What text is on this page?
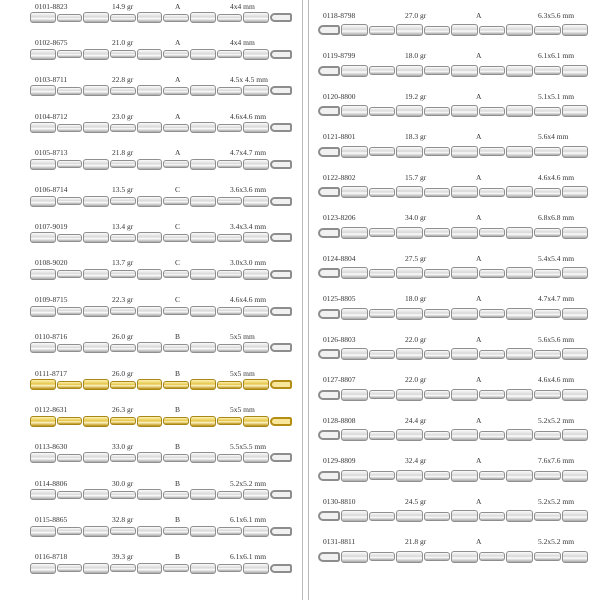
0101-8823	14.9 gr	A	4x4 mm
0102-8675	21.0 gr	A	4x4 mm
0103-8711	22.8 gr	A	4.5x 4.5 mm
0104-8712	23.0 gr	A	4.6x4.6 mm
0105-8713	21.8 gr	A	4.7x4.7 mm
0106-8714	13.5 gr	C	3.6x3.6 mm
0107-9019	13.4 gr	C	3.4x3.4 mm
0108-9020	13.7 gr	C	3.0x3.0 mm
0109-8715	22.3 gr	C	4.6x4.6 mm
0110-8716	26.0 gr	B	5x5 mm
0111-8717	26.0 gr	B	5x5 mm
0112-8631	26.3 gr	B	5x5 mm
0113-8630	33.0 gr	B	5.5x5.5 mm
0114-8806	30.0 gr	B	5.2x5.2 mm
0115-8865	32.8 gr	B	6.1x6.1 mm
0116-8718	39.3 gr	B	6.1x6.1 mm
0118-8798	27.0 gr	A	6.3x5.6 mm
0119-8799	18.0 gr	A	6.1x6.1 mm
0120-8800	19.2 gr	A	5.1x5.1 mm
0121-8801	18.3 gr	A	5.6x4 mm
0122-8802	15.7 gr	A	4.6x4.6 mm
0123-8206	34.0 gr	A	6.8x6.8 mm
0124-8804	27.5 gr	A	5.4x5.4 mm
0125-8805	18.0 gr	A	4.7x4.7 mm
0126-8803	22.0 gr	A	5.6x5.6 mm
0127-8807	22.0 gr	A	4.6x4.6 mm
0128-8808	24.4 gr	A	5.2x5.2 mm
0129-8809	32.4 gr	A	7.6x7.6 mm
0130-8810	24.5 gr	A	5.2x5.2 mm
0131-8811	21.8 gr	A	5.2x5.2 mm
